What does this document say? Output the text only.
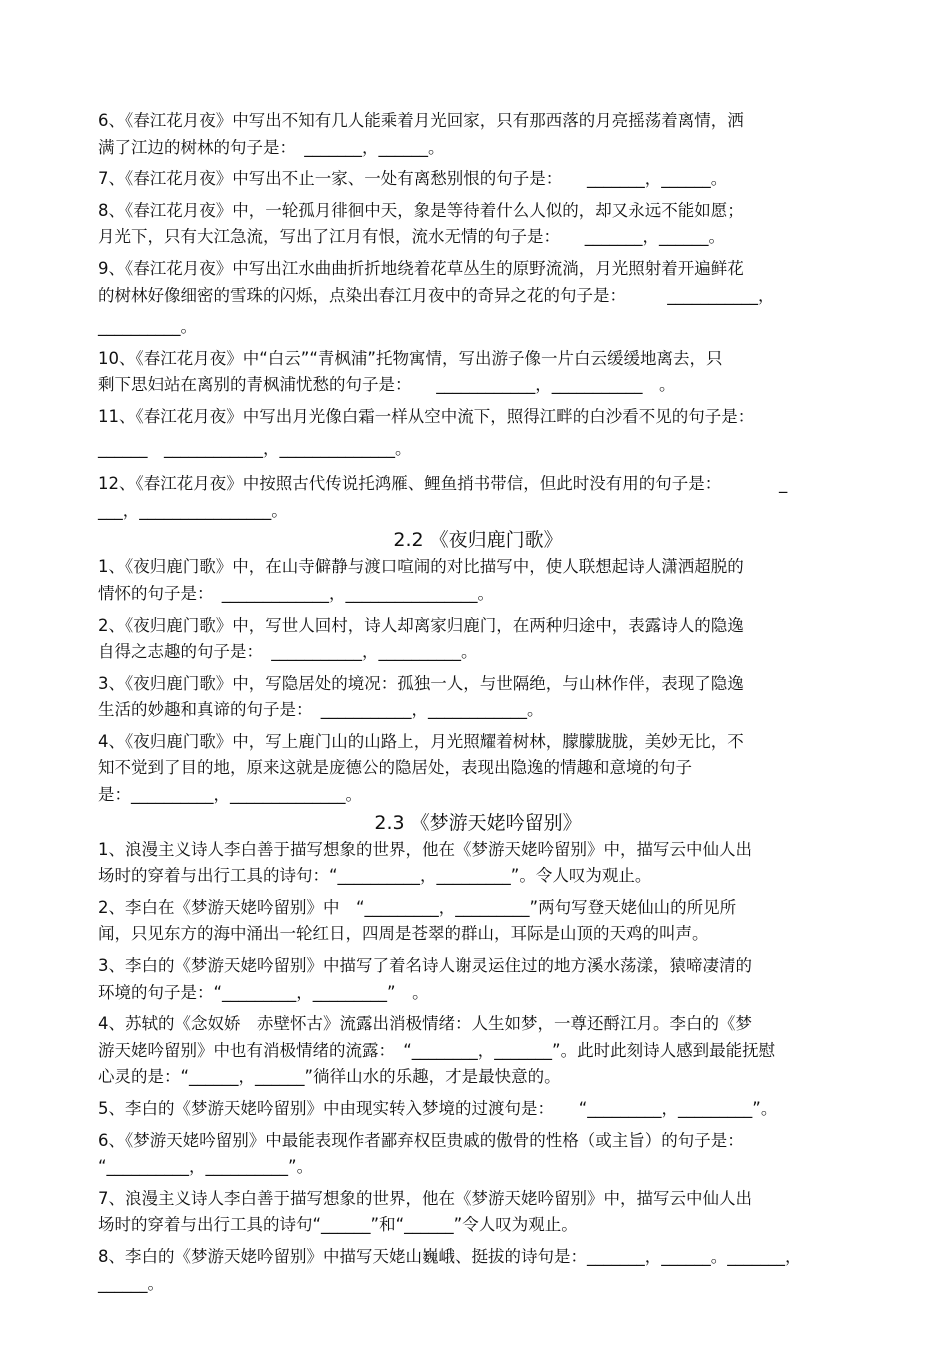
6、《春江花月夜》中写出不知有几人能乘着月光回家，只有那西落的月亮摇荡着离情，洒
满了江边的树林的句子是：　_______，______。
7、《春江花月夜》中写出不止一家、一处有离愁别恨的句子是：　　_______，______。
8、《春江花月夜》中，一轮孤月徘徊中天，象是等待着什么人似的，却又永远不能如愿；
月光下，只有大江急流，写出了江月有恨，流水无情的句子是：　　_______，______。
9、《春江花月夜》中写出江水曲曲折折地绕着花草丛生的原野流淌，月光照射着开遍鲜花
的树林好像细密的雪珠的闪烁，点染出春江月夜中的奇异之花的句子是：　　　___________，
__________。
10、《春江花月夜》中“白云”“青枫浦”托物寓情，写出游子像一片白云缓缓地离去，只
剩下思妇站在离别的青枫浦忧愁的句子是：　　____________，___________　。
11、《春江花月夜》中写出月光像白霜一样从空中流下，照得江畔的白沙看不见的句子是：
______　____________，______________。
12、《春江花月夜》中按照古代传说托鸿雁、鲤鱼捎书带信，但此时没有用的句子是：　　　　_
___，________________。
2.2 《夜归鹿门歌》
1、《夜归鹿门歌》中，在山寺僻静与渡口喧闹的对比描写中，使人联想起诗人潇洒超脱的
情怀的句子是：　_____________，________________。
2、《夜归鹿门歌》中，写世人回村，诗人却离家归鹿门，在两种归途中，表露诗人的隐逸
自得之志趣的句子是：　___________，__________。
3、《夜归鹿门歌》中，写隐居处的境况：孤独一人，与世隔绝，与山林作伴，表现了隐逸
生活的妙趣和真谛的句子是：　___________，____________。
4、《夜归鹿门歌》中，写上鹿门山的山路上，月光照耀着树林，朦朦胧胧，美妙无比，不
知不觉到了目的地，原来这就是庞德公的隐居处，表现出隐逸的情趣和意境的句子
是：__________，______________。
2.3 《梦游天姥吟留别》
1、浪漫主义诗人李白善于描写想象的世界，他在《梦游天姥吟留别》中，描写云中仙人出
场时的穿着与出行工具的诗句：“__________，_________”。令人叹为观止。
2、李白在《梦游天姥吟留别》中　“_________，_________”两句写登天姥仙山的所见所
闻，只见东方的海中涌出一轮红日，四周是苍翠的群山，耳际是山顶的天鸡的叫声。
3、李白的《梦游天姥吟留别》中描写了着名诗人谢灵运住过的地方溪水荡漾，猿啼凄清的
环境的句子是：“_________，_________”　。
4、苏轼的《念奴娇　赤壁怀古》流露出消极情绪：人生如梦，一尊还酹江月。李白的《梦
游天姥吟留别》中也有消极情绪的流露：　“________，_______”。此时此刻诗人感到最能抚慰
心灵的是：“______，______”徜徉山水的乐趣，才是最快意的。
5、李白的《梦游天姥吟留别》中由现实转入梦境的过渡句是：　　“_________，_________”。
6、《梦游天姥吟留别》中最能表现作者鄙弃权臣贵戚的傲骨的性格（或主旨）的句子是：
“__________，__________”。
7、浪漫主义诗人李白善于描写想象的世界，他在《梦游天姥吟留别》中，描写云中仙人出
场时的穿着与出行工具的诗句“______”和“______”令人叹为观止。
8、李白的《梦游天姥吟留别》中描写天姥山巍峨、挺拔的诗句是：_______，______。_______，
______。
